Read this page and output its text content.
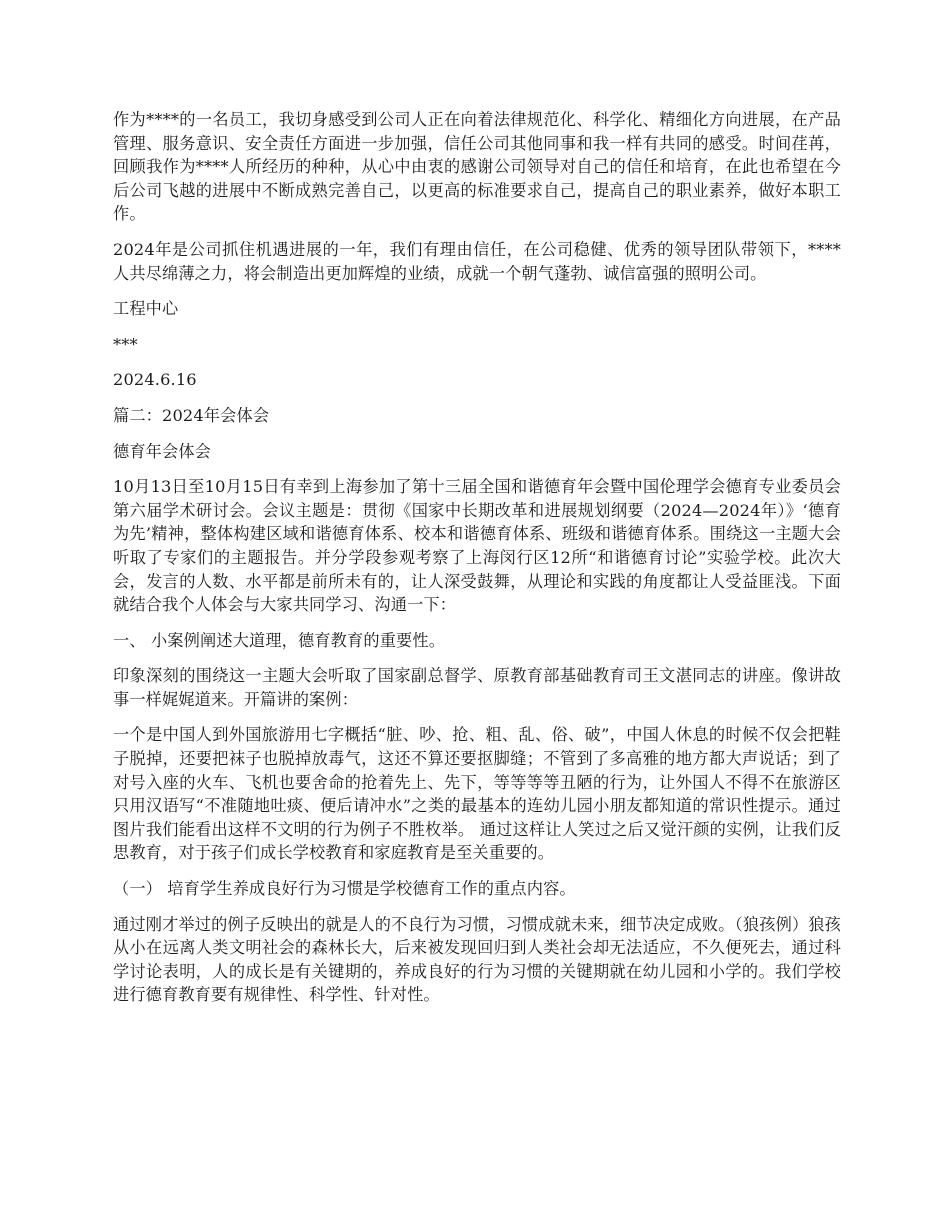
作为****的一名员工，我切身感受到公司人正在向着法律规范化、科学化、精细化方向进展，在产品管理、服务意识、安全责任方面进一步加强，信任公司其他同事和我一样有共同的感受。时间荏苒，回顾我作为****人所经历的种种，从心中由衷的感谢公司领导对自己的信任和培育，在此也希望在今后公司飞越的进展中不断成熟完善自己，以更高的标准要求自己，提高自己的职业素养，做好本职工作。

2024年是公司抓住机遇进展的一年，我们有理由信任，在公司稳健、优秀的领导团队带领下，****人共尽绵薄之力，将会制造出更加辉煌的业绩，成就一个朝气蓬勃、诚信富强的照明公司。

工程中心

***

2024.6.16

篇二：2024年会体会

德育年会体会

10月13日至10月15日有幸到上海参加了第十三届全国和谐德育年会暨中国伦理学会德育专业委员会第六届学术研讨会。会议主题是：贯彻《国家中长期改革和进展规划纲要（2024—2024年）》‘德育为先’精神，整体构建区域和谐德育体系、校本和谐德育体系、班级和谐德育体系。围绕这一主题大会听取了专家们的主题报告。并分学段参观考察了上海闵行区12所“和谐德育讨论”实验学校。此次大会，发言的人数、水平都是前所未有的，让人深受鼓舞，从理论和实践的角度都让人受益匪浅。下面就结合我个人体会与大家共同学习、沟通一下：

一、 小案例阐述大道理，德育教育的重要性。

印象深刻的围绕这一主题大会听取了国家副总督学、原教育部基础教育司王文湛同志的讲座。像讲故事一样娓娓道来。开篇讲的案例：

一个是中国人到外国旅游用七字概括“脏、吵、抢、粗、乱、俗、破”，中国人休息的时候不仅会把鞋子脱掉，还要把袜子也脱掉放毒气，这还不算还要抠脚缝；不管到了多高雅的地方都大声说话；到了对号入座的火车、飞机也要舍命的抢着先上、先下，等等等等丑陋的行为，让外国人不得不在旅游区只用汉语写“不准随地吐痰、便后请冲水”之类的最基本的连幼儿园小朋友都知道的常识性提示。通过图片我们能看出这样不文明的行为例子不胜枚举。 通过这样让人笑过之后又觉汗颜的实例，让我们反思教育，对于孩子们成长学校教育和家庭教育是至关重要的。

（一） 培育学生养成良好行为习惯是学校德育工作的重点内容。

通过刚才举过的例子反映出的就是人的不良行为习惯，习惯成就未来，细节决定成败。（狼孩例）狼孩从小在远离人类文明社会的森林长大，后来被发现回归到人类社会却无法适应，不久便死去，通过科学讨论表明，人的成长是有关键期的，养成良好的行为习惯的关键期就在幼儿园和小学的。我们学校进行德育教育要有规律性、科学性、针对性。
